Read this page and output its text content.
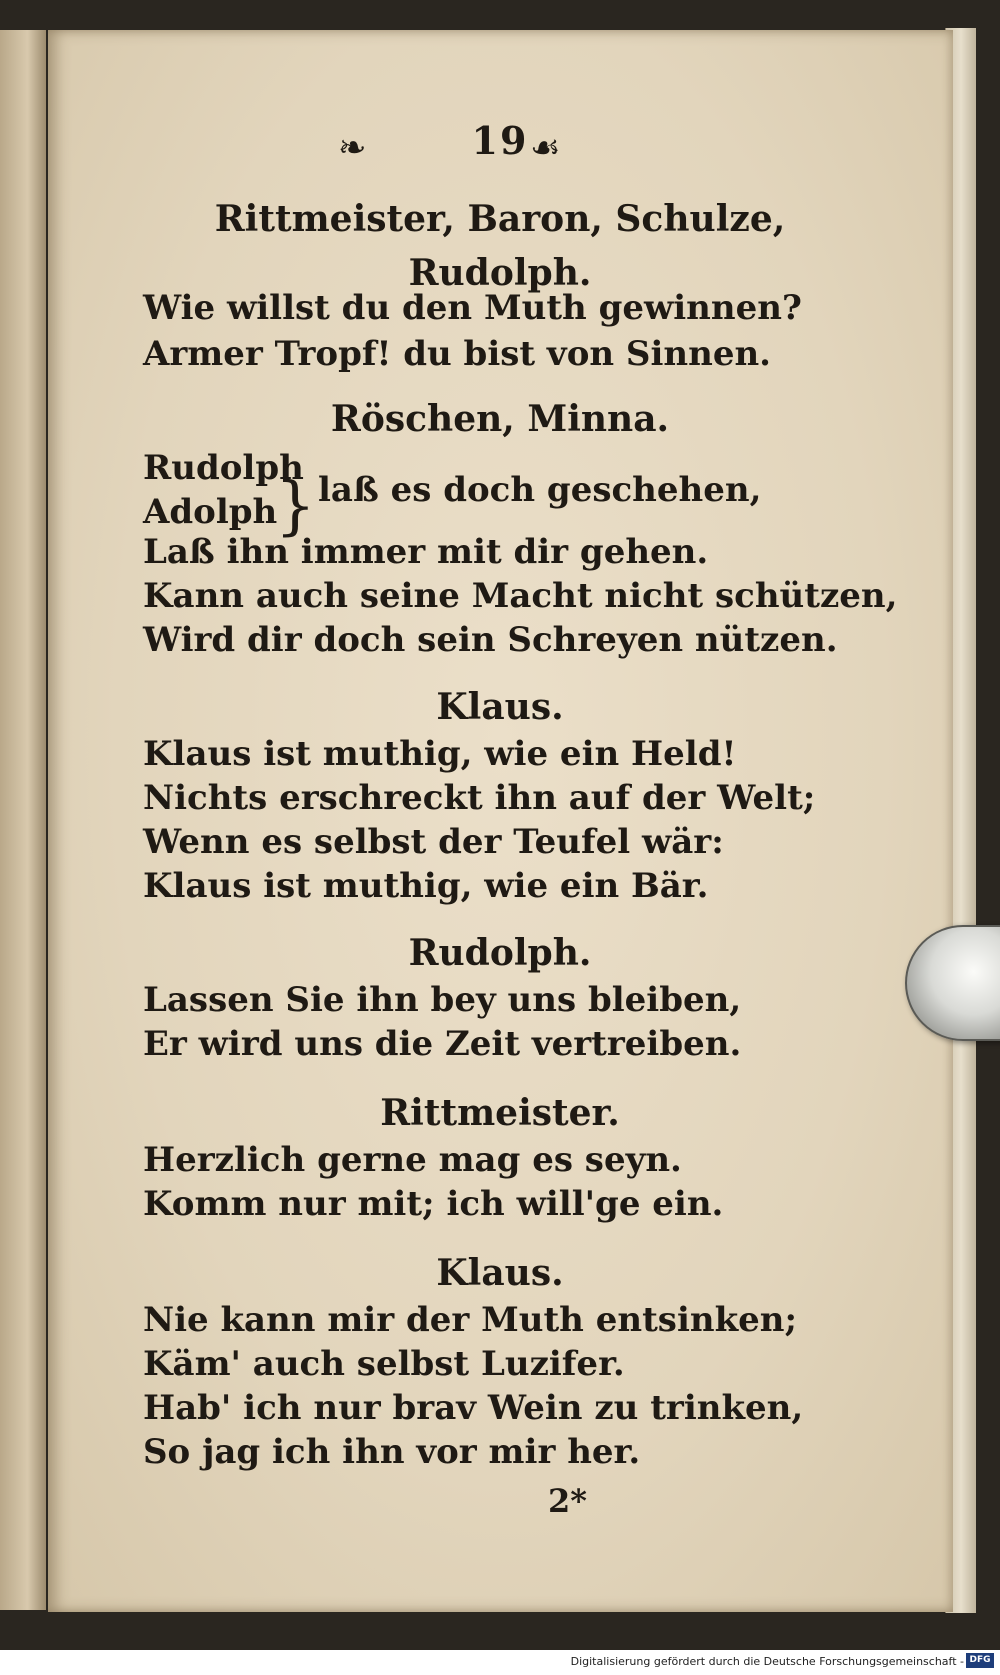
❧	19 ☙
Rittmeister, Baron, Schulze,
Rudolph.
Wie willst du den Muth gewinnen?
Armer Tropf! du bist von Sinnen.
Röschen, Minna.
Rudolph
Adolph
} laß es doch geschehen,
Laß ihn immer mit dir gehen.
Kann auch seine Macht nicht schützen,
Wird dir doch sein Schreyen nützen.
Klaus.
Klaus ist muthig, wie ein Held!
Nichts erschreckt ihn auf der Welt;
Wenn es selbst der Teufel wär:
Klaus ist muthig, wie ein Bär.
Rudolph.
Lassen Sie ihn bey uns bleiben,
Er wird uns die Zeit vertreiben.
Rittmeister.
Herzlich gerne mag es seyn.
Komm nur mit; ich will'ge ein.
Klaus.
Nie kann mir der Muth entsinken;
Käm' auch selbst Luzifer.
Hab' ich nur brav Wein zu trinken,
So jag ich ihn vor mir her.
2*
Digitalisierung gefördert durch die Deutsche Forschungsgemeinschaft - DFG
